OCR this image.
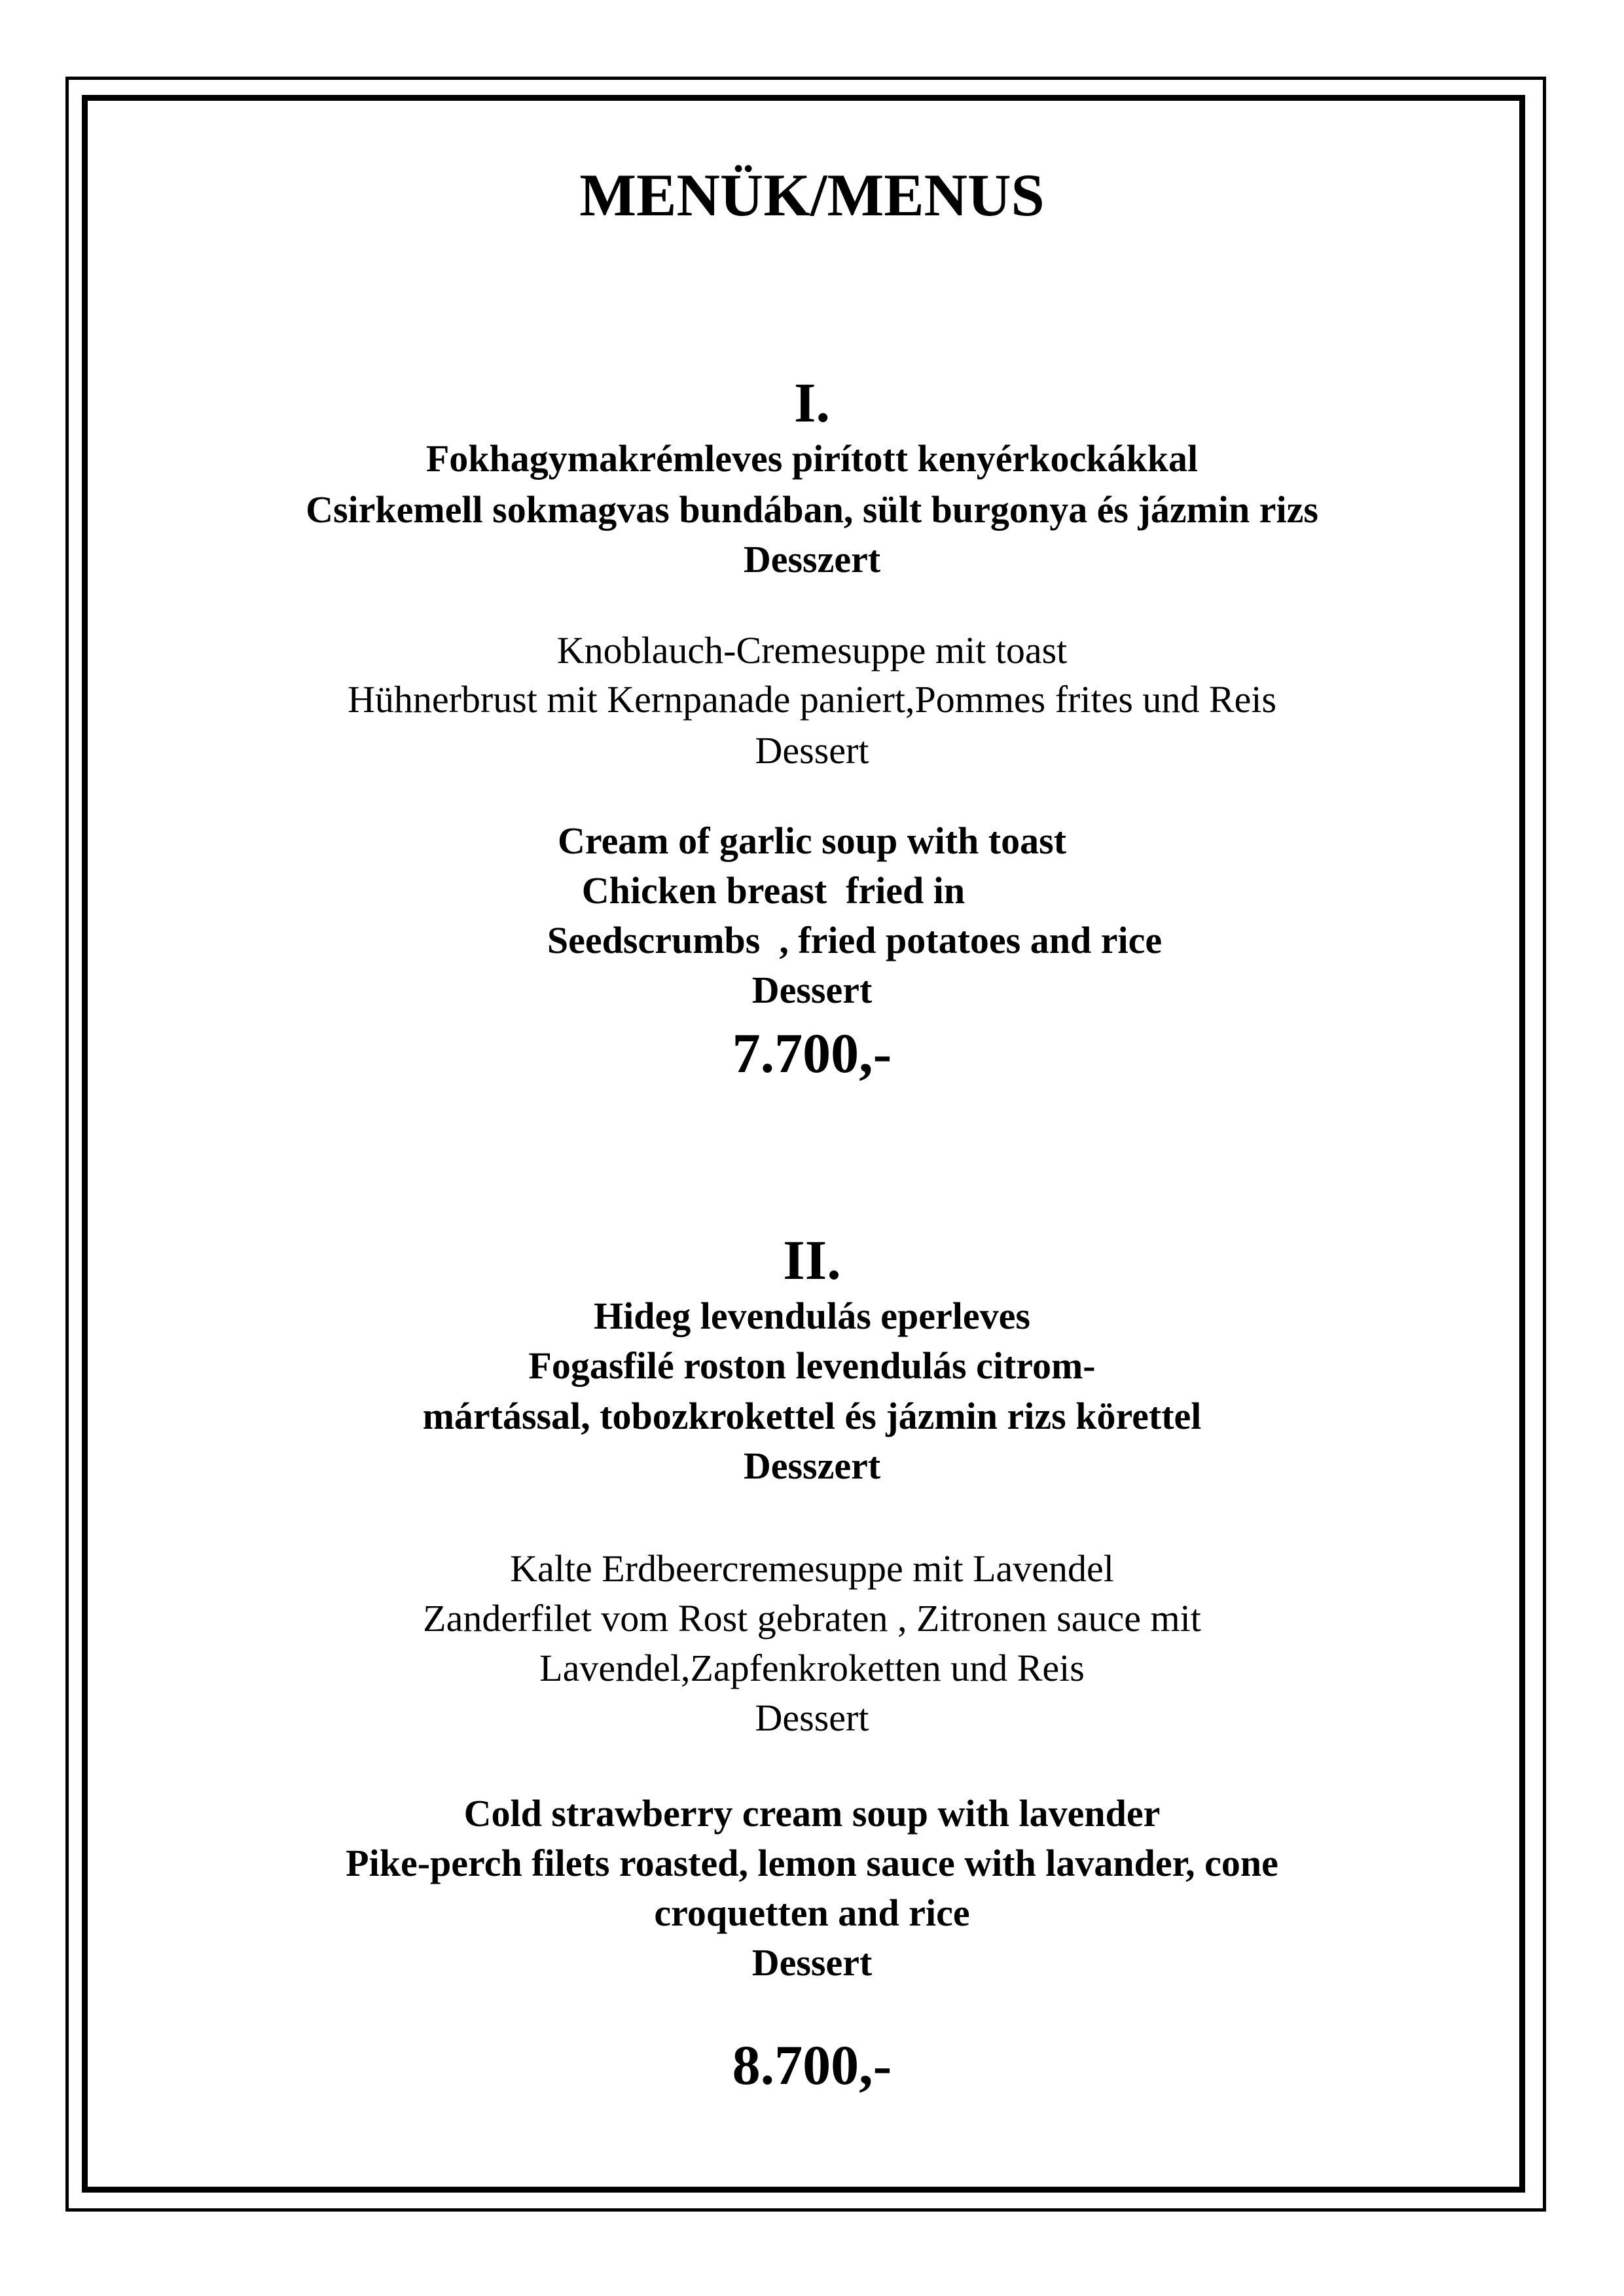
MENÜK/MENUS
I.
Fokhagymakrémleves pirított kenyérkockákkal
Csirkemell sokmagvas bundában, sült burgonya és jázmin rizs
Desszert
Knoblauch-Cremesuppe mit toast
Hühnerbrust mit Kernpanade paniert,Pommes frites und Reis
Dessert
Cream of garlic soup with toast
Chicken breast  fried in
Seedscrumbs  , fried potatoes and rice
Dessert
7.700,-
II.
Hideg levendulás eperleves
Fogasfilé roston levendulás citrom-
mártással, tobozkrokettel és jázmin rizs körettel
Desszert
Kalte Erdbeercremesuppe mit Lavendel
Zanderfilet vom Rost gebraten , Zitronen sauce mit
Lavendel,Zapfenkroketten und Reis
Dessert
Cold strawberry cream soup with lavender
Pike-perch filets roasted, lemon sauce with lavander, cone
croquetten and rice
Dessert
8.700,-
